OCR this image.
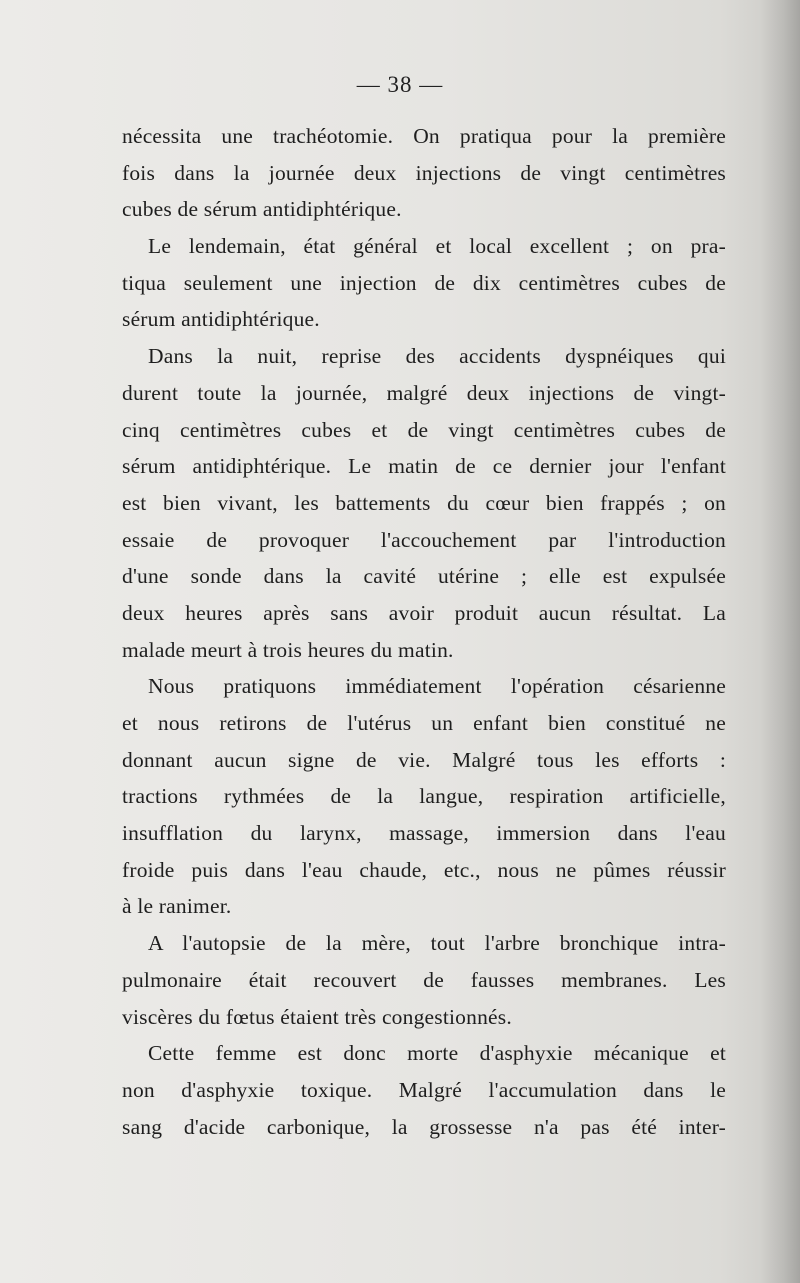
— 38 —
nécessita une trachéotomie. On pratiqua pour la première
fois dans la journée deux injections de vingt centimètres
cubes de sérum antidiphtérique.
Le lendemain, état général et local excellent ; on pra-
tiqua seulement une injection de dix centimètres cubes de
sérum antidiphtérique.
Dans la nuit, reprise des accidents dyspnéiques qui
durent toute la journée, malgré deux injections de vingt-
cinq centimètres cubes et de vingt centimètres cubes de
sérum antidiphtérique. Le matin de ce dernier jour l'enfant
est bien vivant, les battements du cœur bien frappés ; on
essaie de provoquer l'accouchement par l'introduction
d'une sonde dans la cavité utérine ; elle est expulsée
deux heures après sans avoir produit aucun résultat. La
malade meurt à trois heures du matin.
Nous pratiquons immédiatement l'opération césarienne
et nous retirons de l'utérus un enfant bien constitué ne
donnant aucun signe de vie. Malgré tous les efforts :
tractions rythmées de la langue, respiration artificielle,
insufflation du larynx, massage, immersion dans l'eau
froide puis dans l'eau chaude, etc., nous ne pûmes réussir
à le ranimer.
A l'autopsie de la mère, tout l'arbre bronchique intra-
pulmonaire était recouvert de fausses membranes. Les
viscères du fœtus étaient très congestionnés.
Cette femme est donc morte d'asphyxie mécanique et
non d'asphyxie toxique. Malgré l'accumulation dans le
sang d'acide carbonique, la grossesse n'a pas été inter-
